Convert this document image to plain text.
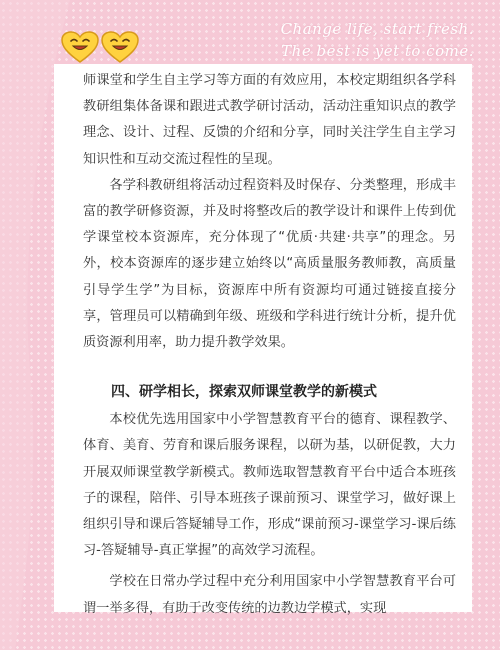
Change life, start fresh.
The best is yet to come.

师课堂和学生自主学习等方面的有效应用，本校定期组织各学科教研组集体备课和跟进式教学研讨活动，活动注重知识点的教学理念、设计、过程、反馈的介绍和分享，同时关注学生自主学习知识性和互动交流过程性的呈现。

各学科教研组将活动过程资料及时保存、分类整理，形成丰富的教学研修资源，并及时将整改后的教学设计和课件上传到优学课堂校本资源库，充分体现了“优质·共建·共享”的理念。另外，校本资源库的逐步建立始终以“高质量服务教师教，高质量引导学生学”为目标，资源库中所有资源均可通过链接直接分享，管理员可以精确到年级、班级和学科进行统计分析，提升优质资源利用率，助力提升教学效果。

四、研学相长，探索双师课堂教学的新模式

本校优先选用国家中小学智慧教育平台的德育、课程教学、体育、美育、劳育和课后服务课程，以研为基，以研促教，大力开展双师课堂教学新模式。教师选取智慧教育平台中适合本班孩子的课程，陪伴、引导本班孩子课前预习、课堂学习，做好课上组织引导和课后答疑辅导工作，形成“课前预习-课堂学习-课后练习-答疑辅导-真正掌握”的高效学习流程。

学校在日常办学过程中充分利用国家中小学智慧教育平台可谓一举多得，有助于改变传统的边教边学模式，实现
